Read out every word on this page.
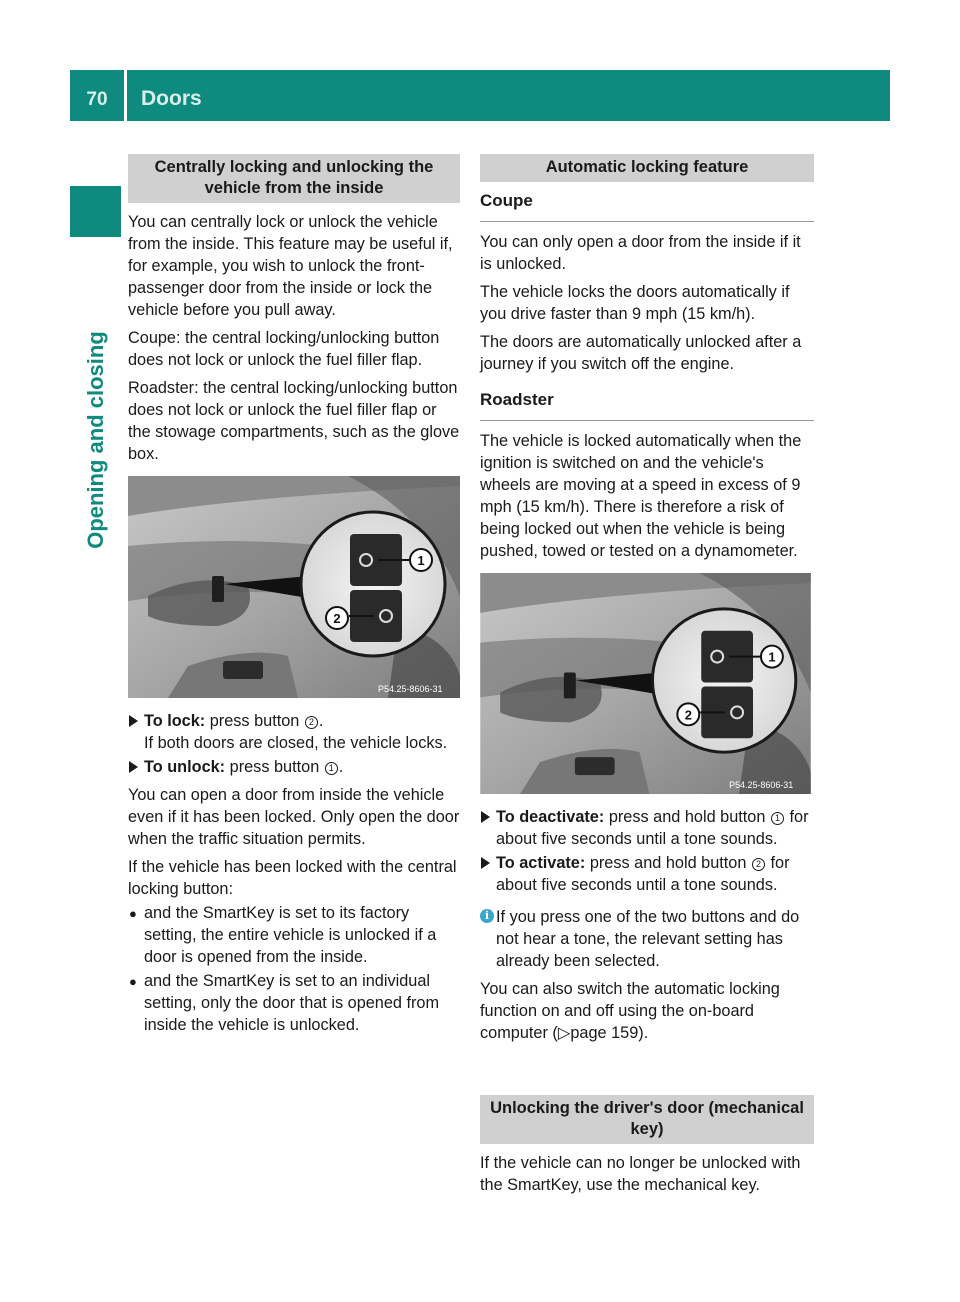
70	Doors
Opening and closing
Centrally locking and unlocking the vehicle from the inside

You can centrally lock or unlock the vehicle from the inside. This feature may be useful if, for example, you wish to unlock the front-passenger door from the inside or lock the vehicle before you pull away.

Coupe: the central locking/unlocking button does not lock or unlock the fuel filler flap.

Roadster: the central locking/unlocking button does not lock or unlock the fuel filler flap or the stowage compartments, such as the glove box.

1
2
P54.25-8606-31
To lock: press button 2 .
If both doors are closed, the vehicle locks.
To unlock: press button 1 .

You can open a door from inside the vehicle even if it has been locked. Only open the door when the traffic situation permits.

If the vehicle has been locked with the central locking button:

● and the SmartKey is set to its factory setting, the entire vehicle is unlocked if a door is opened from the inside.
● and the SmartKey is set to an individual setting, only the door that is opened from inside the vehicle is unlocked.
Automatic locking feature
Coupe

You can only open a door from the inside if it is unlocked.

The vehicle locks the doors automatically if you drive faster than 9 mph (15 km/h).

The doors are automatically unlocked after a journey if you switch off the engine.

Roadster

The vehicle is locked automatically when the ignition is switched on and the vehicle's wheels are moving at a speed in excess of 9 mph (15 km/h). There is therefore a risk of being locked out when the vehicle is being pushed, towed or tested on a dynamometer.

1
2
P54.25-8606-31
To deactivate: press and hold button 1 for about five seconds until a tone sounds.
To activate: press and hold button 2 for about five seconds until a tone sounds.
i If you press one of the two buttons and do not hear a tone, the relevant setting has already been selected.

You can also switch the automatic locking function on and off using the on-board computer (▷page 159).

Unlocking the driver's door (mechanical key)

If the vehicle can no longer be unlocked with the SmartKey, use the mechanical key.
